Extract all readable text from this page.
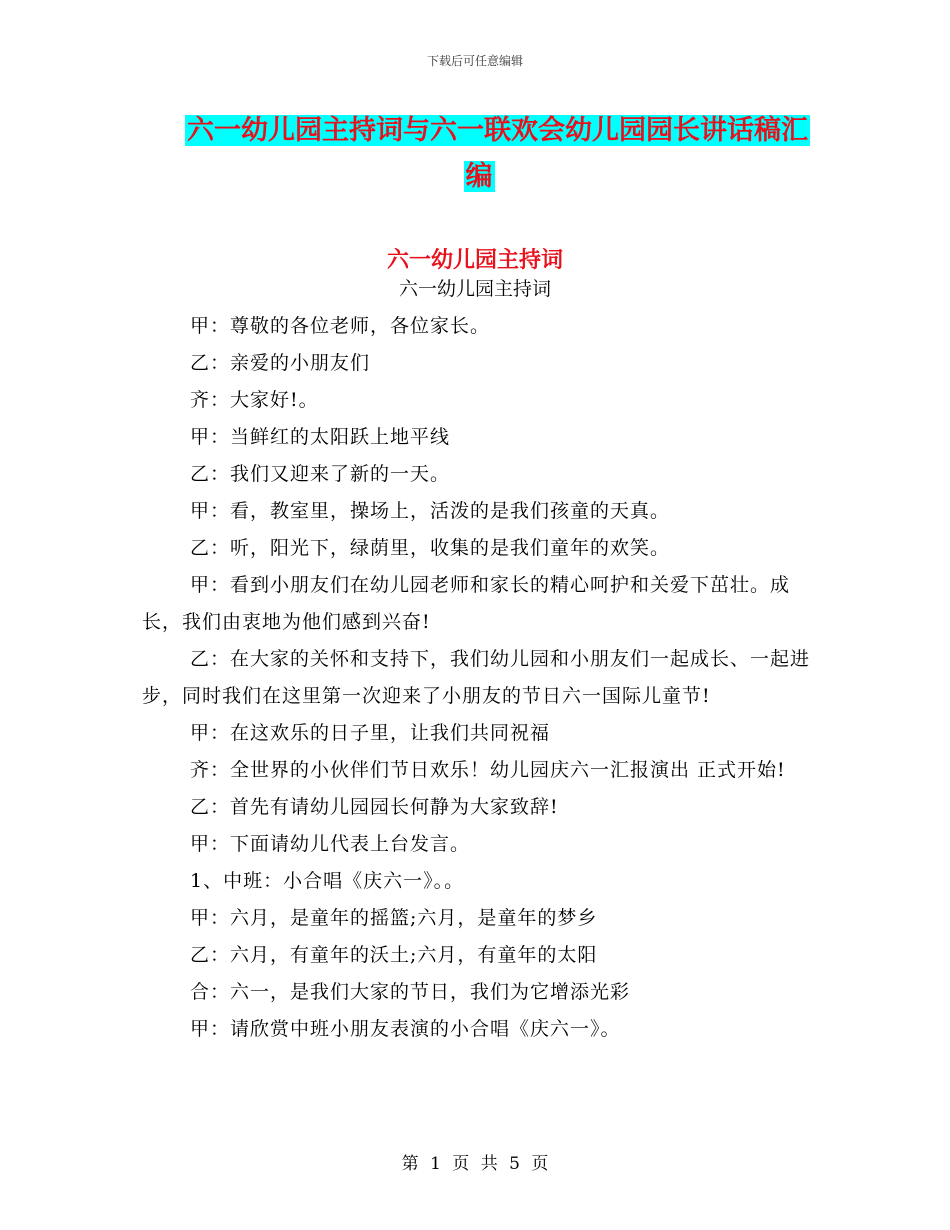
下载后可任意编辑
六一幼儿园主持词与六一联欢会幼儿园园长讲话稿汇
编
六一幼儿园主持词
六一幼儿园主持词

甲：尊敬的各位老师，各位家长。

乙：亲爱的小朋友们

齐：大家好!。

甲：当鲜红的太阳跃上地平线

乙：我们又迎来了新的一天。

甲：看，教室里，操场上，活泼的是我们孩童的天真。

乙：听，阳光下，绿荫里，收集的是我们童年的欢笑。

甲：看到小朋友们在幼儿园老师和家长的精心呵护和关爱下茁壮。成长，我们由衷地为他们感到兴奋!

乙：在大家的关怀和支持下，我们幼儿园和小朋友们一起成长、一起进步，同时我们在这里第一次迎来了小朋友的节日六一国际儿童节!

甲：在这欢乐的日子里，让我们共同祝福

齐：全世界的小伙伴们节日欢乐！幼儿园庆六一汇报演出 正式开始!

乙：首先有请幼儿园园长何静为大家致辞!

甲：下面请幼儿代表上台发言。

1、中班：小合唱《庆六一》。。

甲：六月，是童年的摇篮;六月，是童年的梦乡

乙：六月，有童年的沃土;六月，有童年的太阳

合：六一，是我们大家的节日，我们为它增添光彩

甲：请欣赏中班小朋友表演的小合唱《庆六一》。

第 1 页 共 5 页
